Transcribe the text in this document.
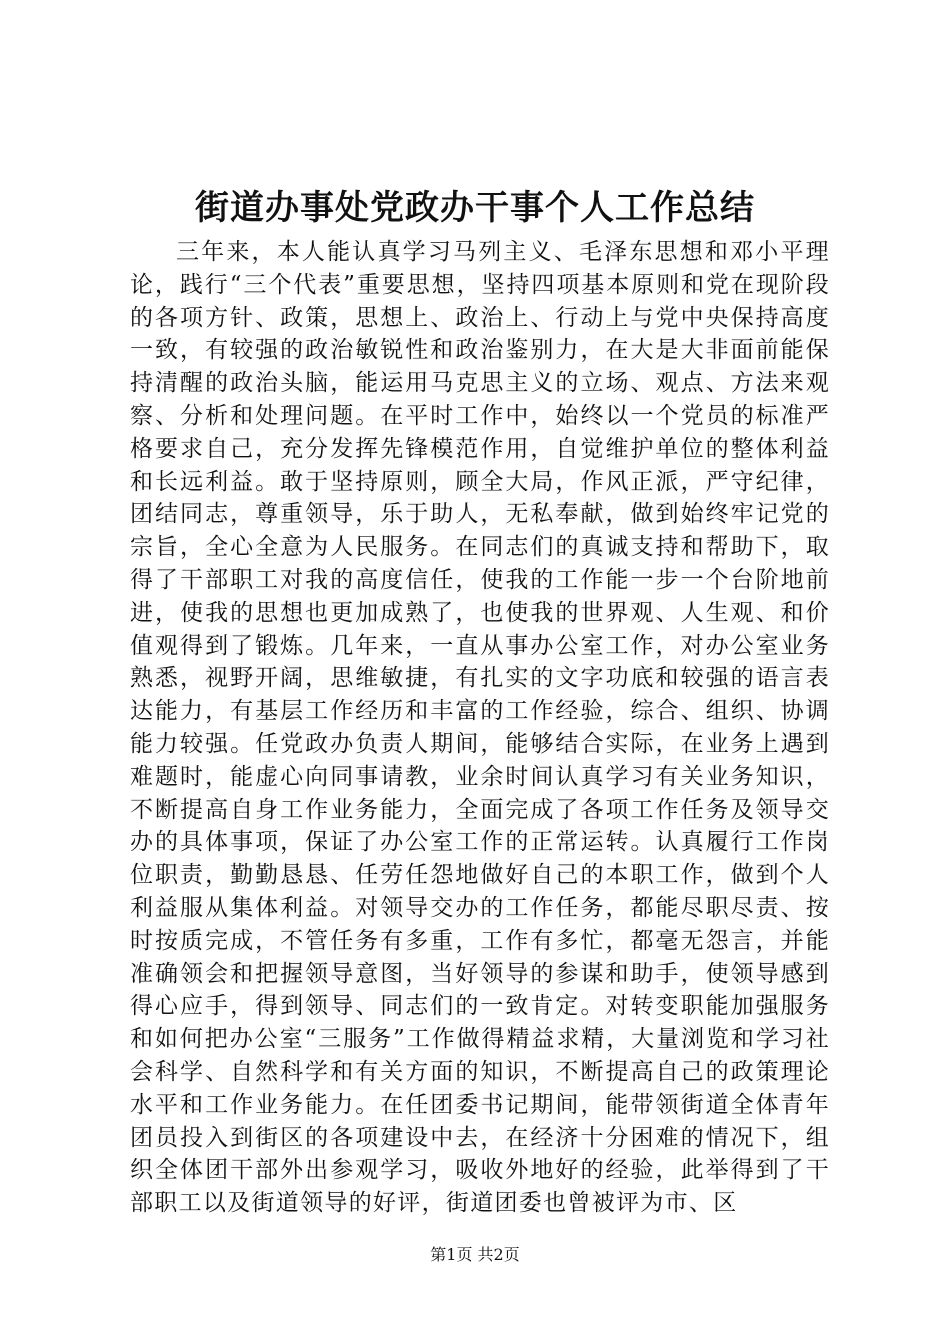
街道办事处党政办干事个人工作总结

三年来，本人能认真学习马列主义、毛泽东思想和邓小平理论，践行“三个代表”重要思想，坚持四项基本原则和党在现阶段的各项方针、政策，思想上、政治上、行动上与党中央保持高度一致，有较强的政治敏锐性和政治鉴别力，在大是大非面前能保持清醒的政治头脑，能运用马克思主义的立场、观点、方法来观察、分析和处理问题。在平时工作中，始终以一个党员的标准严格要求自己，充分发挥先锋模范作用，自觉维护单位的整体利益和长远利益。敢于坚持原则，顾全大局，作风正派，严守纪律，团结同志，尊重领导，乐于助人，无私奉献，做到始终牢记党的宗旨，全心全意为人民服务。在同志们的真诚支持和帮助下，取得了干部职工对我的高度信任，使我的工作能一步一个台阶地前进，使我的思想也更加成熟了，也使我的世界观、人生观、和价值观得到了锻炼。几年来，一直从事办公室工作，对办公室业务熟悉，视野开阔，思维敏捷，有扎实的文字功底和较强的语言表达能力，有基层工作经历和丰富的工作经验，综合、组织、协调能力较强。任党政办负责人期间，能够结合实际，在业务上遇到难题时，能虚心向同事请教，业余时间认真学习有关业务知识，不断提高自身工作业务能力，全面完成了各项工作任务及领导交办的具体事项，保证了办公室工作的正常运转。认真履行工作岗位职责，勤勤恳恳、任劳任怨地做好自己的本职工作，做到个人利益服从集体利益。对领导交办的工作任务，都能尽职尽责、按时按质完成，不管任务有多重，工作有多忙，都毫无怨言，并能准确领会和把握领导意图，当好领导的参谋和助手，使领导感到得心应手，得到领导、同志们的一致肯定。对转变职能加强服务和如何把办公室“三服务”工作做得精益求精，大量浏览和学习社会科学、自然科学和有关方面的知识，不断提高自己的政策理论水平和工作业务能力。在任团委书记期间，能带领街道全体青年团员投入到街区的各项建设中去，在经济十分困难的情况下，组织全体团干部外出参观学习，吸收外地好的经验，此举得到了干部职工以及街道领导的好评，街道团委也曾被评为市、区

第1页 共2页
